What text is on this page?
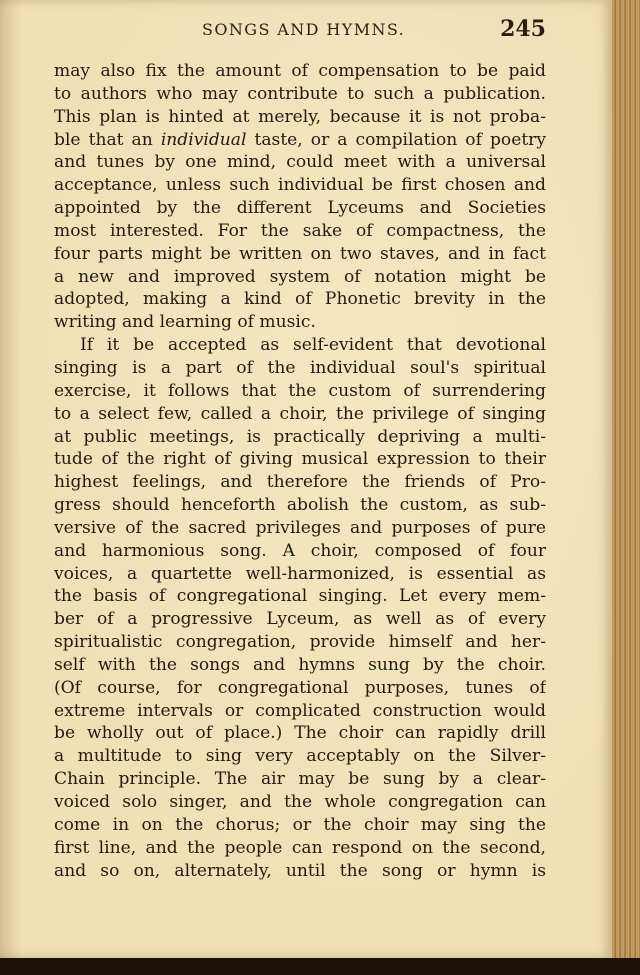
SONGS AND HYMNS.	245
may also fix the amount of compensation to be paid
to authors who may contribute to such a publication.
This plan is hinted at merely, because it is not proba-
ble that an individual taste, or a compilation of poetry
and tunes by one mind, could meet with a universal
acceptance, unless such individual be first chosen and
appointed by the different Lyceums and Societies
most interested. For the sake of compactness, the
four parts might be written on two staves, and in fact
a new and improved system of notation might be
adopted, making a kind of Phonetic brevity in the
writing and learning of music.
If it be accepted as self-evident that devotional
singing is a part of the individual soul's spiritual
exercise, it follows that the custom of surrendering
to a select few, called a choir, the privilege of singing
at public meetings, is practically depriving a multi-
tude of the right of giving musical expression to their
highest feelings, and therefore the friends of Pro-
gress should henceforth abolish the custom, as sub-
versive of the sacred privileges and purposes of pure
and harmonious song. A choir, composed of four
voices, a quartette well-harmonized, is essential as
the basis of congregational singing. Let every mem-
ber of a progressive Lyceum, as well as of every
spiritualistic congregation, provide himself and her-
self with the songs and hymns sung by the choir.
(Of course, for congregational purposes, tunes of
extreme intervals or complicated construction would
be wholly out of place.) The choir can rapidly drill
a multitude to sing very acceptably on the Silver-
Chain principle. The air may be sung by a clear-
voiced solo singer, and the whole congregation can
come in on the chorus; or the choir may sing the
first line, and the people can respond on the second,
and so on, alternately, until the song or hymn is
